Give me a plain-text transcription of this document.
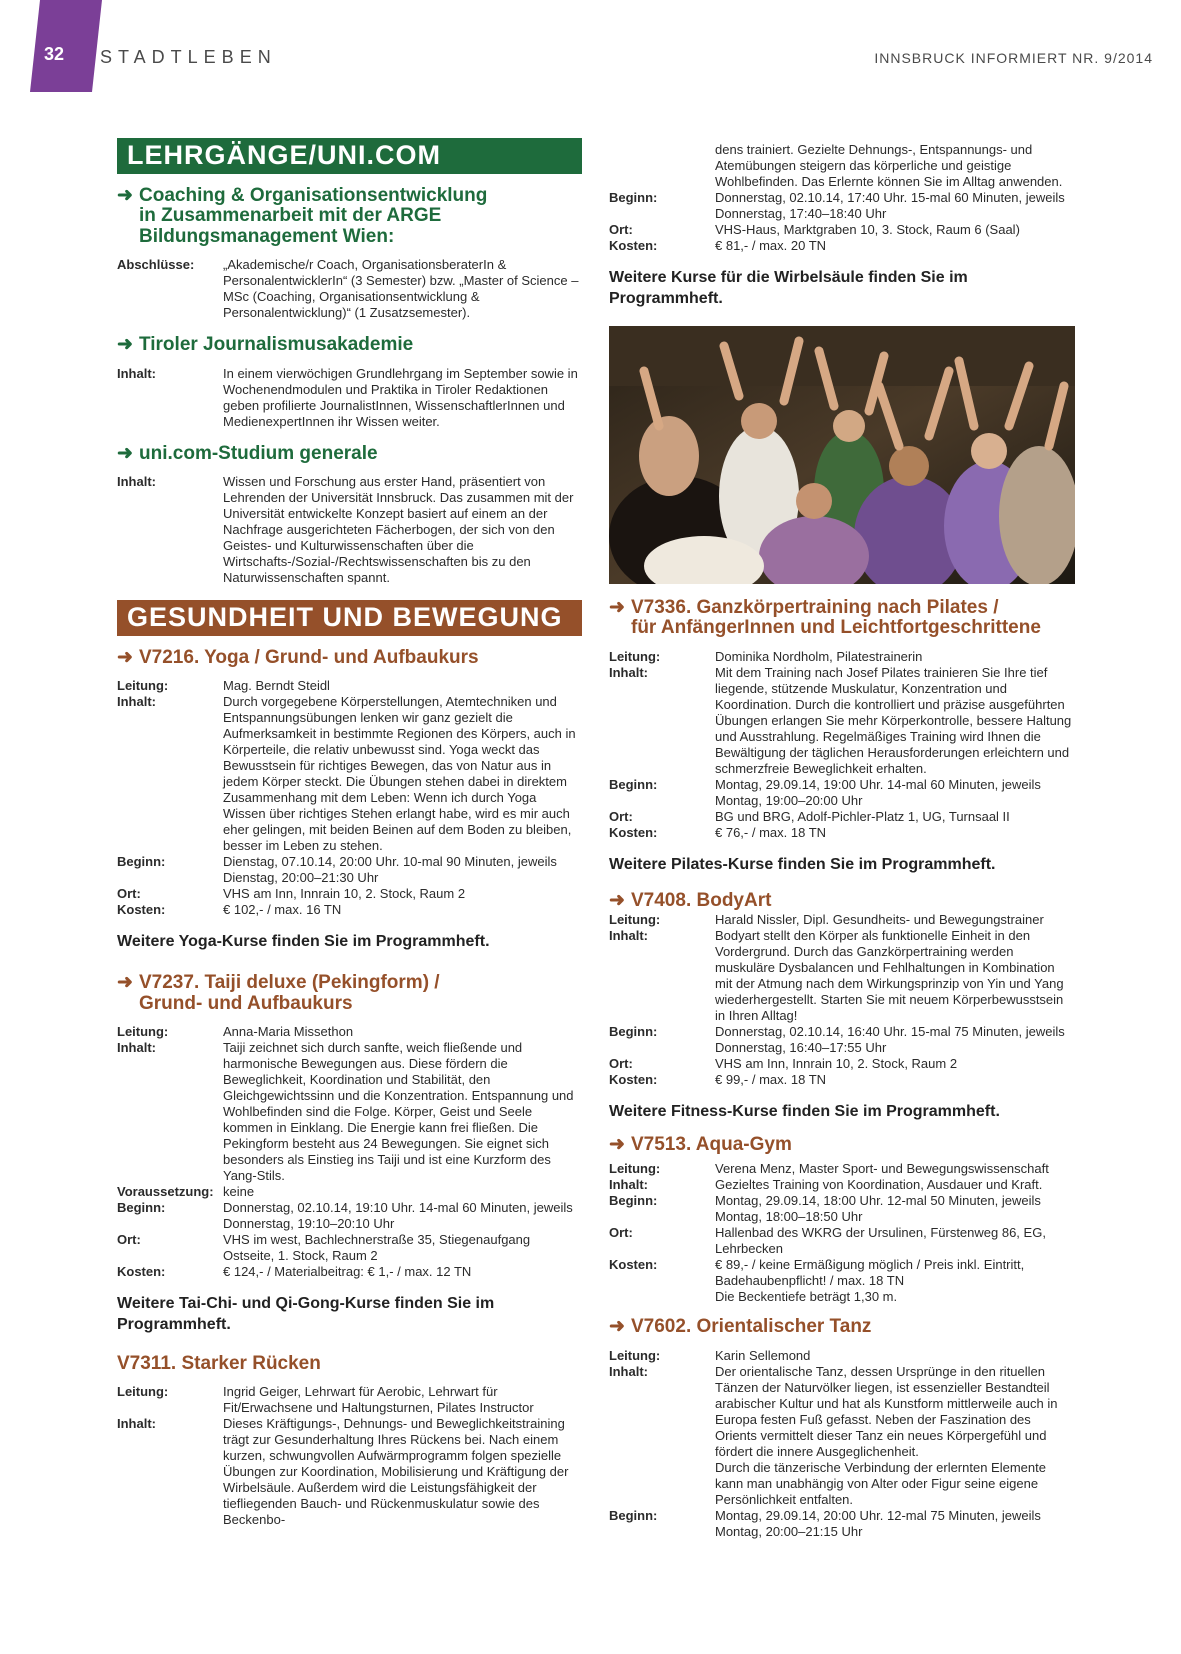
32 STADTLEBEN	INNSBRUCK INFORMIERT NR. 9/2014
LEHRGÄNGE/UNI.COM
➜ Coaching & Organisationsentwicklung
in Zusammenarbeit mit der ARGE
Bildungsmanagement Wien:
Abschlüsse:	„Akademische/r Coach, OrganisationsberaterIn & PersonalentwicklerIn“ (3 Semester) bzw. „Master of Science – MSc (Coaching, Organisationsentwicklung & Personalentwicklung)“ (1 Zusatzsemester).
➜ Tiroler Journalismusakademie
Inhalt:	In einem vierwöchigen Grundlehrgang im September sowie in Wochenendmodulen und Praktika in Tiroler Redaktionen geben profilierte JournalistInnen, WissenschaftlerInnen und MedienexpertInnen ihr Wissen weiter.
➜ uni.com-Studium generale
Inhalt:	Wissen und Forschung aus erster Hand, präsentiert von Lehrenden der Universität Innsbruck. Das zusammen mit der Universität entwickelte Konzept basiert auf einem an der Nachfrage ausgerichteten Fächerbogen, der sich von den Geistes- und Kulturwissenschaften über die Wirtschafts-/Sozial-/Rechtswissenschaften bis zu den Naturwissenschaften spannt.
GESUNDHEIT UND BEWEGUNG
➜ V7216. Yoga / Grund- und Aufbaukurs
Leitung:	Mag. Berndt Steidl
Inhalt:	Durch vorgegebene Körperstellungen, Atemtechniken und Entspannungsübungen lenken wir ganz gezielt die Aufmerksamkeit in bestimmte Regionen des Körpers, auch in Körperteile, die relativ unbewusst sind. Yoga weckt das Bewusstsein für richtiges Bewegen, das von Natur aus in jedem Körper steckt. Die Übungen stehen dabei in direktem Zusammenhang mit dem Leben: Wenn ich durch Yoga Wissen über richtiges Stehen erlangt habe, wird es mir auch eher gelingen, mit beiden Beinen auf dem Boden zu bleiben, besser im Leben zu stehen.
Beginn:	Dienstag, 07.10.14, 20:00 Uhr. 10-mal 90 Minuten, jeweils Dienstag, 20:00–21:30 Uhr
Ort:	VHS am Inn, Innrain 10, 2. Stock, Raum 2
Kosten:	€ 102,- / max. 16 TN

Weitere Yoga-Kurse finden Sie im Programmheft.

➜ V7237. Taiji deluxe (Pekingform) /
Grund- und Aufbaukurs
Leitung:	Anna-Maria Missethon
Inhalt:	Taiji zeichnet sich durch sanfte, weich fließende und harmonische Bewegungen aus. Diese fördern die Beweglichkeit, Koordination und Stabilität, den Gleichgewichtssinn und die Konzentration. Entspannung und Wohlbefinden sind die Folge. Körper, Geist und Seele kommen in Einklang. Die Energie kann frei fließen. Die Pekingform besteht aus 24 Bewegungen. Sie eignet sich besonders als Einstieg ins Taiji und ist eine Kurzform des Yang-Stils.
Voraussetzung: keine
Beginn:	Donnerstag, 02.10.14, 19:10 Uhr. 14-mal 60 Minuten, jeweils Donnerstag, 19:10–20:10 Uhr
Ort:	VHS im west, Bachlechnerstraße 35, Stiegenaufgang Ostseite, 1. Stock, Raum 2
Kosten:	€ 124,- / Materialbeitrag: € 1,- / max. 12 TN

Weitere Tai-Chi- und Qi-Gong-Kurse finden Sie im Programmheft.

V7311. Starker Rücken
Leitung:	Ingrid Geiger, Lehrwart für Aerobic, Lehrwart für Fit/Erwachsene und Haltungsturnen, Pilates Instructor
Inhalt:	Dieses Kräftigungs-, Dehnungs- und Beweglichkeitstraining trägt zur Gesunderhaltung Ihres Rückens bei. Nach einem kurzen, schwungvollen Aufwärmprogramm folgen spezielle Übungen zur Koordination, Mobilisierung und Kräftigung der Wirbelsäule. Außerdem wird die Leistungsfähigkeit der tiefliegenden Bauch- und Rückenmuskulatur sowie des Beckenbo-
dens trainiert. Gezielte Dehnungs-, Entspannungs- und Atemübungen steigern das körperliche und geistige Wohlbefinden. Das Erlernte können Sie im Alltag anwenden.
Beginn:	Donnerstag, 02.10.14, 17:40 Uhr. 15-mal 60 Minuten, jeweils Donnerstag, 17:40–18:40 Uhr
Ort:	VHS-Haus, Marktgraben 10, 3. Stock, Raum 6 (Saal)
Kosten:	€ 81,- / max. 20 TN

Weitere Kurse für die Wirbelsäule finden Sie im Programmheft.

➜ V7336. Ganzkörpertraining nach Pilates /
für AnfängerInnen und Leichtfortgeschrittene
Leitung:	Dominika Nordholm, Pilatestrainerin
Inhalt:	Mit dem Training nach Josef Pilates trainieren Sie Ihre tief liegende, stützende Muskulatur, Konzentration und Koordination. Durch die kontrolliert und präzise ausgeführten Übungen erlangen Sie mehr Körperkontrolle, bessere Haltung und Ausstrahlung. Regelmäßiges Training wird Ihnen die Bewältigung der täglichen Herausforderungen erleichtern und schmerzfreie Beweglichkeit erhalten.
Beginn:	Montag, 29.09.14, 19:00 Uhr. 14-mal 60 Minuten, jeweils Montag, 19:00–20:00 Uhr
Ort:	BG und BRG, Adolf-Pichler-Platz 1, UG, Turnsaal II
Kosten:	€ 76,- / max. 18 TN

Weitere Pilates-Kurse finden Sie im Programmheft.

➜ V7408. BodyArt
Leitung:	Harald Nissler, Dipl. Gesundheits- und Bewegungstrainer
Inhalt:	Bodyart stellt den Körper als funktionelle Einheit in den Vordergrund. Durch das Ganzkörpertraining werden muskuläre Dysbalancen und Fehlhaltungen in Kombination mit der Atmung nach dem Wirkungsprinzip von Yin und Yang wiederhergestellt. Starten Sie mit neuem Körperbewusstsein in Ihren Alltag!
Beginn:	Donnerstag, 02.10.14, 16:40 Uhr. 15-mal 75 Minuten, jeweils Donnerstag, 16:40–17:55 Uhr
Ort:	VHS am Inn, Innrain 10, 2. Stock, Raum 2
Kosten:	€ 99,- / max. 18 TN

Weitere Fitness-Kurse finden Sie im Programmheft.

➜ V7513. Aqua-Gym
Leitung:	Verena Menz, Master Sport- und Bewegungswissenschaft
Inhalt:	Gezieltes Training von Koordination, Ausdauer und Kraft.
Beginn:	Montag, 29.09.14, 18:00 Uhr. 12-mal 50 Minuten, jeweils Montag, 18:00–18:50 Uhr
Ort:	Hallenbad des WKRG der Ursulinen, Fürstenweg 86, EG, Lehrbecken
Kosten:	€ 89,- / keine Ermäßigung möglich / Preis inkl. Eintritt, Badehaubenpflicht! / max. 18 TN
Die Beckentiefe beträgt 1,30 m.
➜ V7602. Orientalischer Tanz
Leitung:	Karin Sellemond
Inhalt:	Der orientalische Tanz, dessen Ursprünge in den rituellen Tänzen der Naturvölker liegen, ist essenzieller Bestandteil arabischer Kultur und hat als Kunstform mittlerweile auch in Europa festen Fuß gefasst. Neben der Faszination des Orients vermittelt dieser Tanz ein neues Körpergefühl und fördert die innere Ausgeglichenheit.
Durch die tänzerische Verbindung der erlernten Elemente kann man unabhängig von Alter oder Figur seine eigene Persönlichkeit entfalten.
Beginn:	Montag, 29.09.14, 20:00 Uhr. 12-mal 75 Minuten, jeweils Montag, 20:00–21:15 Uhr
